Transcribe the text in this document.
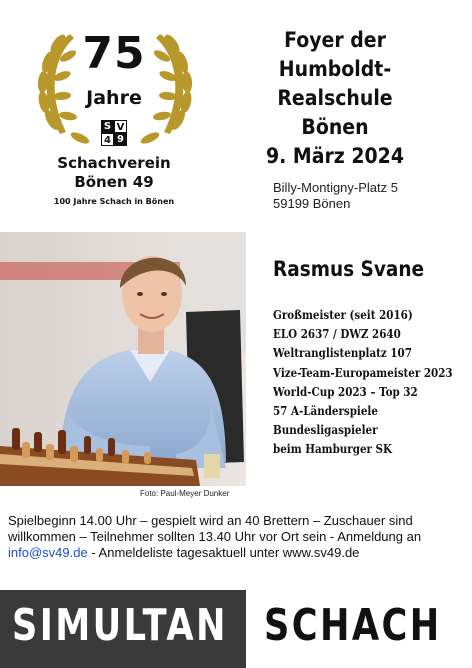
75
Jahre
S V
4 9
Schachverein
Bönen 49
100 Jahre Schach in Bönen
Foyer der
Humboldt-Realschule
Bönen
9. März 2024
Billy-Montigny-Platz 5
59199 Bönen
Foto: Paul-Meyer Dunker
Rasmus Svane
Großmeister (seit 2016)
ELO 2637 / DWZ 2640
Weltranglistenplatz 107
Vize-Team-Europameister 2023
World-Cup 2023 – Top 32
57 A-Länderspiele
Bundesligaspieler
beim Hamburger SK
Spielbeginn 14.00 Uhr – gespielt wird an 40 Brettern – Zuschauer sind
willkommen – Teilnehmer sollten 13.40 Uhr vor Ort sein - Anmeldung an
info@sv49.de - Anmeldeliste tagesaktuell unter www.sv49.de
SIMULTAN SCHACH
